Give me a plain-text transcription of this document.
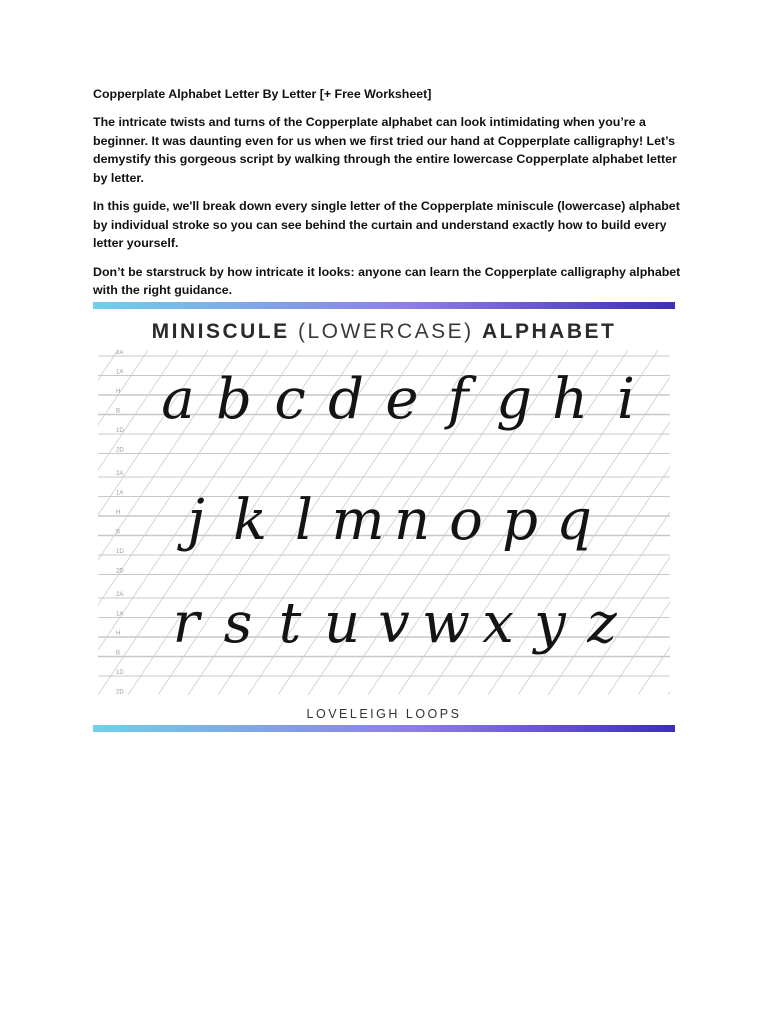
Copperplate Alphabet Letter By Letter [+ Free Worksheet]

The intricate twists and turns of the Copperplate alphabet can look intimidating when you’re a beginner. It was daunting even for us when we first tried our hand at Copperplate calligraphy! Let’s demystify this gorgeous script by walking through the entire lowercase Copperplate alphabet letter by letter.

In this guide, we'll break down every single letter of the Copperplate miniscule (lowercase) alphabet by individual stroke so you can see behind the curtain and understand exactly how to build every letter yourself.

Don’t be starstruck by how intricate it looks: anyone can learn the Copperplate calligraphy alphabet with the right guidance.

MINISCULE (LOWERCASE) ALPHABET
2A
1A
H
B
1D
2D
2A
1A
H
B
1D
2D
2A
1A
H
B
1D
2D
a b c d e f g h i
j k l m n o p q
r s t u v w x y z
LOVELEIGH LOOPS
